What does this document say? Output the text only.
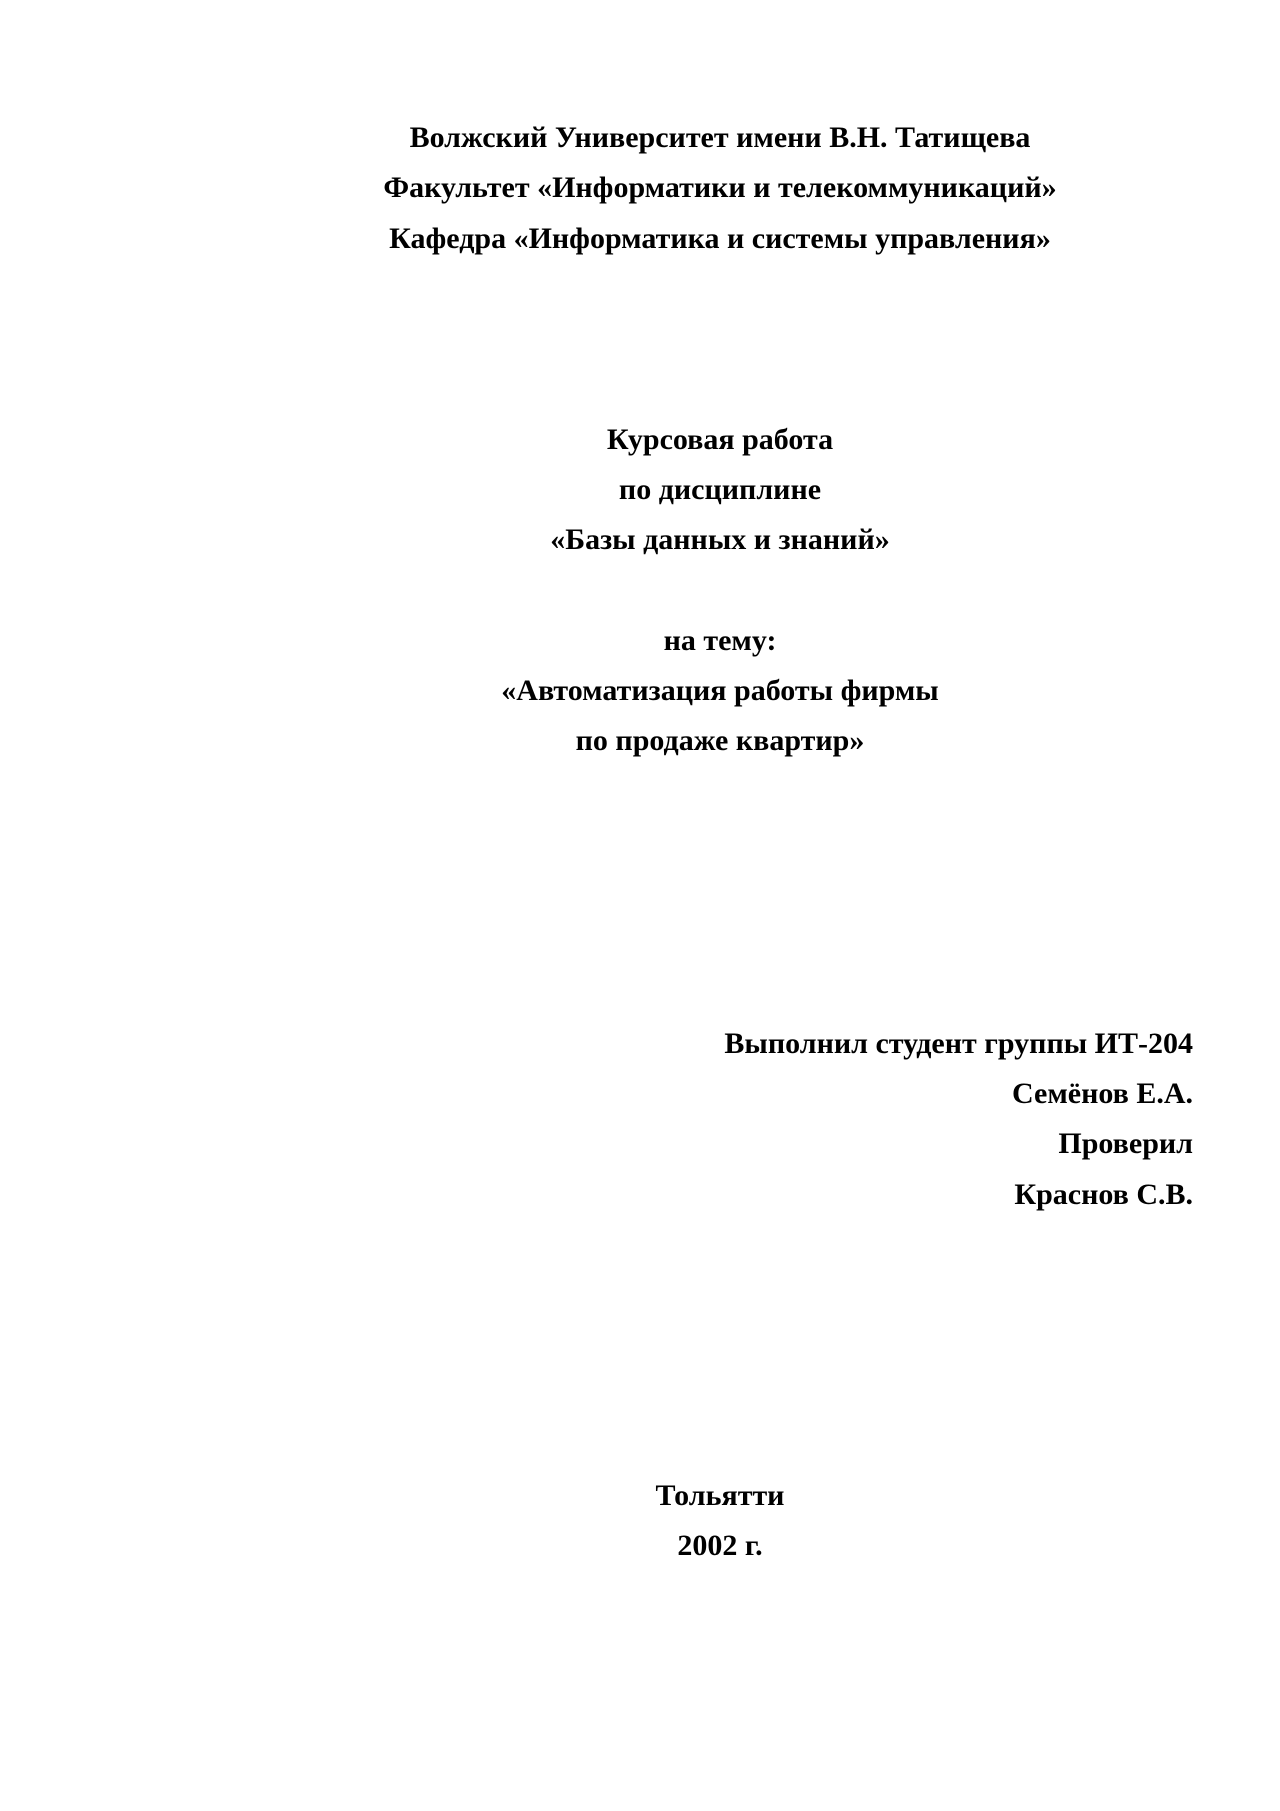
Волжский Университет имени В.Н. Татищева
Факультет «Информатики и телекоммуникаций»
Кафедра «Информатика и системы управления»
Курсовая работа
по дисциплине
«Базы данных и знаний»
на тему:
«Автоматизация работы фирмы
по продаже квартир»
Выполнил студент группы ИТ-204
Семёнов Е.А.
Проверил
Краснов С.В.
Тольятти
2002 г.
